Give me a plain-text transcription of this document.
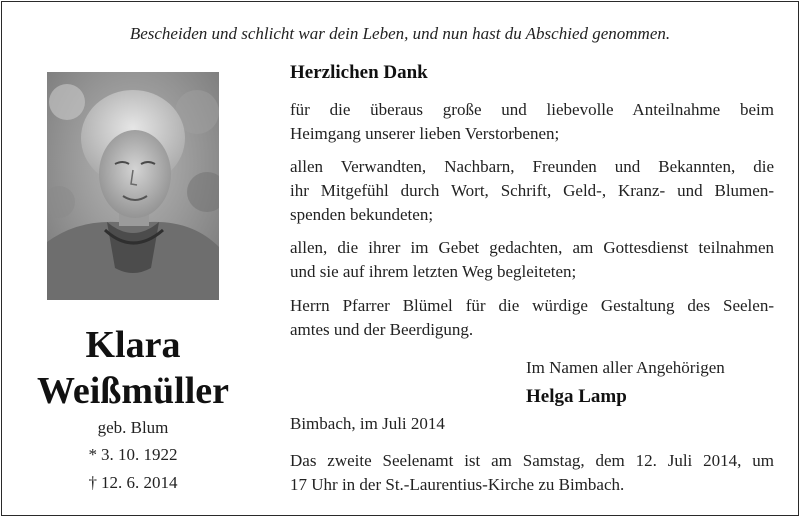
Bescheiden und schlicht war dein Leben, und nun hast du Abschied genommen.
Klara
Weißmüller
geb. Blum
* 3. 10. 1922
† 12. 6. 2014
Herzlichen Dank
für die überaus große und liebevolle Anteilnahme beim
Heimgang unserer lieben Verstorbenen;
allen Verwandten, Nachbarn, Freunden und Bekannten, die
ihr Mitgefühl durch Wort, Schrift, Geld-, Kranz- und Blumen-
spenden bekundeten;
allen, die ihrer im Gebet gedachten, am Gottesdienst teilnahmen
und sie auf ihrem letzten Weg begleiteten;
Herrn Pfarrer Blümel für die würdige Gestaltung des Seelen-
amtes und der Beerdigung.
Im Namen aller Angehörigen
Helga Lamp
Bimbach, im Juli 2014
Das zweite Seelenamt ist am Samstag, dem 12. Juli 2014, um
17 Uhr in der St.-Laurentius-Kirche zu Bimbach.
